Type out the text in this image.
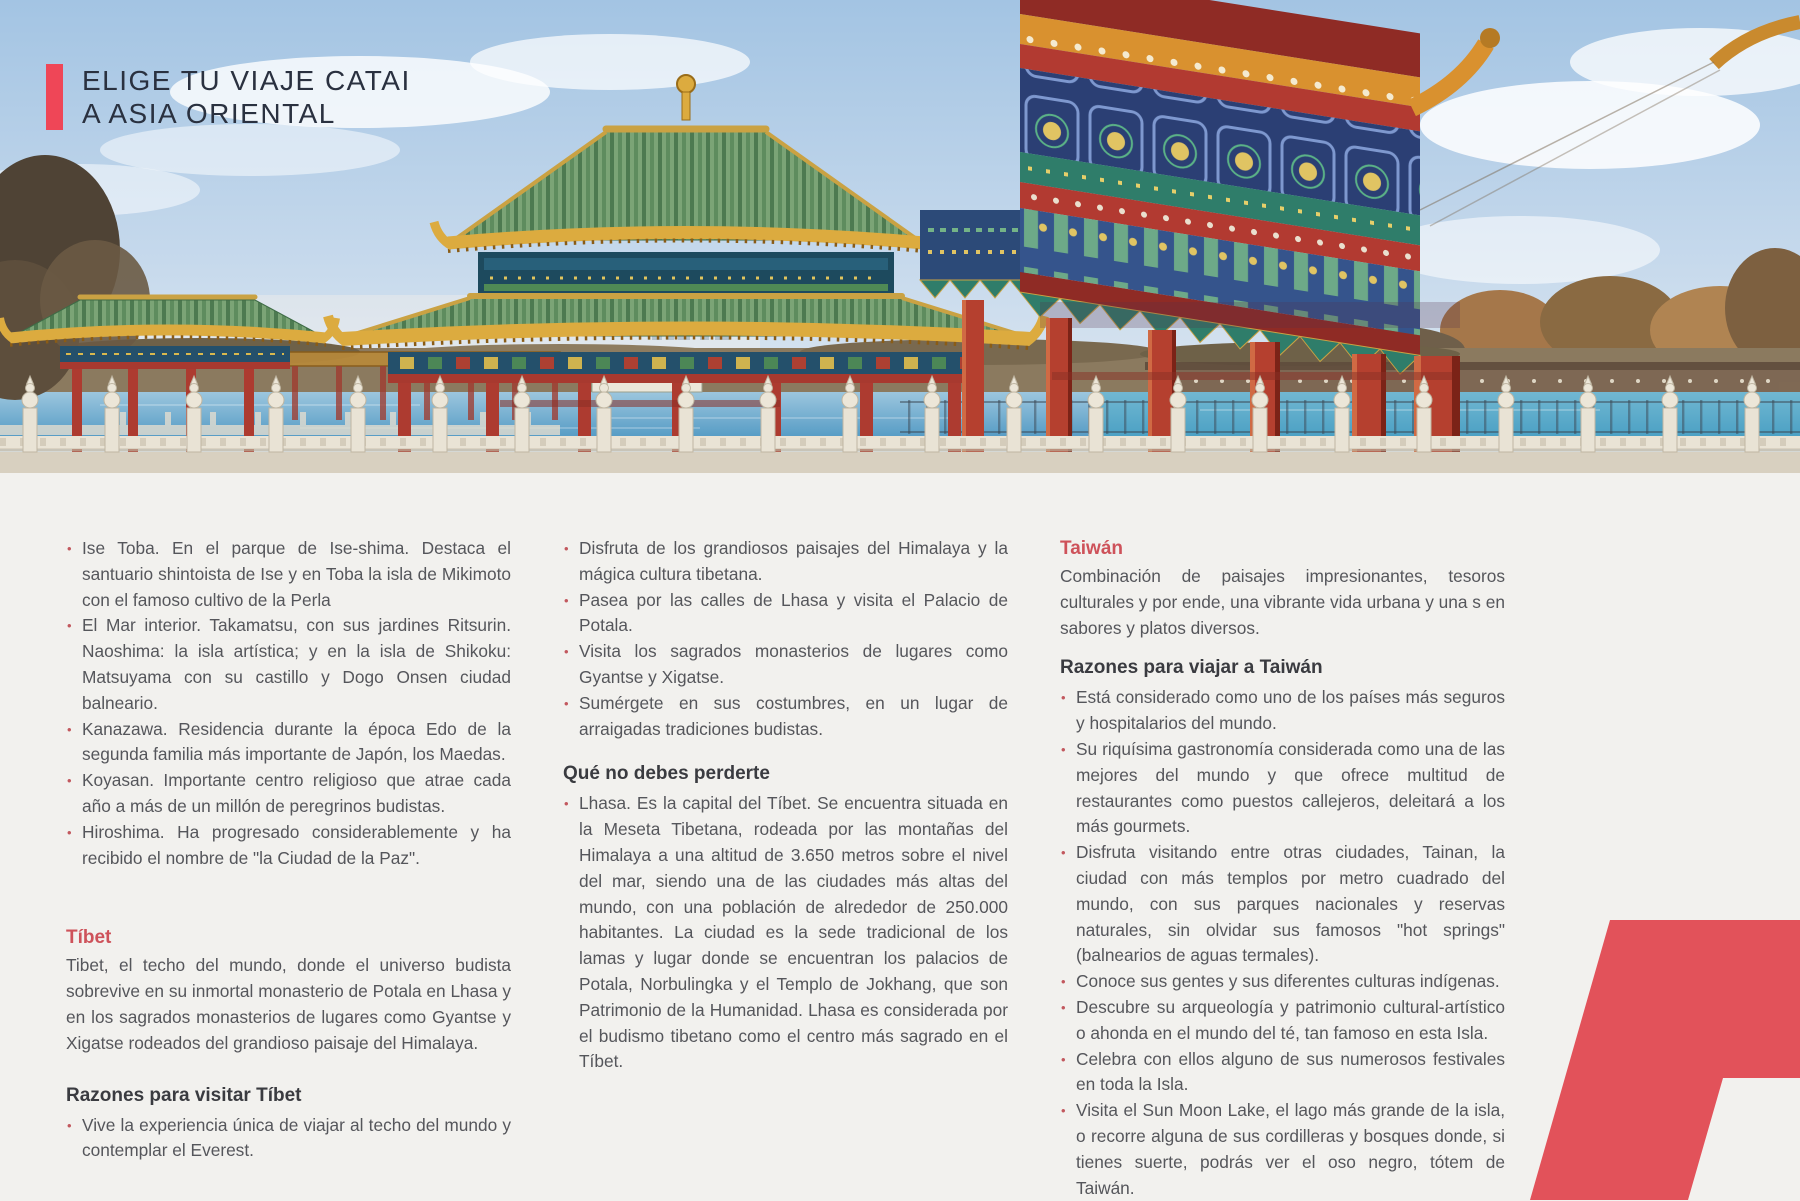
ELIGE TU VIAJE CATAI
A ASIA ORIENTAL
• Ise Toba. En el parque de Ise-shima. Destaca el santuario shintoista de Ise y en Toba la isla de Mikimoto con el famoso cultivo de la Perla
• El Mar interior. Takamatsu, con sus jardines Ritsurin. Naoshima: la isla artística; y en la isla de Shikoku: Matsuyama con su castillo y Dogo Onsen ciudad balneario.
• Kanazawa. Residencia durante la época Edo de la segunda familia más importante de Japón, los Maedas.
• Koyasan. Importante centro religioso que atrae cada año a más de un millón de peregrinos budistas.
• Hiroshima. Ha progresado considerablemente y ha recibido el nombre de "la Ciudad de la Paz".
Tíbet

Tibet, el techo del mundo, donde el universo budista sobrevive en su inmortal monasterio de Potala en Lhasa y en los sagrados monasterios de lugares como Gyantse y Xigatse rodeados del grandioso paisaje del Himalaya.

Razones para visitar Tíbet
• Vive la experiencia única de viajar al techo del mundo y contemplar el Everest.
• Disfruta de los grandiosos paisajes del Himalaya y la mágica cultura tibetana.
• Pasea por las calles de Lhasa y visita el Palacio de Potala.
• Visita los sagrados monasterios de lugares como Gyantse y Xigatse.
• Sumérgete en sus costumbres, en un lugar de arraigadas tradiciones budistas.
Qué no debes perderte
• Lhasa. Es la capital del Tíbet. Se encuentra situada en la Meseta Tibetana, rodeada por las montañas del Himalaya a una altitud de 3.650 metros sobre el nivel del mar, siendo una de las ciudades más altas del mundo, con una población de alrededor de 250.000 habitantes. La ciudad es la sede tradicional de los lamas y lugar donde se encuentran los palacios de Potala, Norbulingka y el Templo de Jokhang, que son Patrimonio de la Humanidad. Lhasa es considerada por el budismo tibetano como el centro más sagrado en el Tíbet.
Taiwán

Combinación de paisajes impresionantes, tesoros culturales y por ende, una vibrante vida urbana y una s en sabores y platos diversos.

Razones para viajar a Taiwán
• Está considerado como uno de los países más seguros y hospitalarios del mundo.
• Su riquísima gastronomía considerada como una de las mejores del mundo y que ofrece multitud de restaurantes como puestos callejeros, deleitará a los más gourmets.
• Disfruta visitando entre otras ciudades, Tainan, la ciudad con más templos por metro cuadrado del mundo, con sus parques nacionales y reservas naturales, sin olvidar sus famosos "hot springs" (balnearios de aguas termales).
• Conoce sus gentes y sus diferentes culturas indígenas.
• Descubre su arqueología y patrimonio cultural-artístico o ahonda en el mundo del té, tan famoso en esta Isla.
• Celebra con ellos alguno de sus numerosos festivales en toda la Isla.
• Visita el Sun Moon Lake, el lago más grande de la isla, o recorre alguna de sus cordilleras y bosques donde, si tienes suerte, podrás ver el oso negro, tótem de Taiwán.
